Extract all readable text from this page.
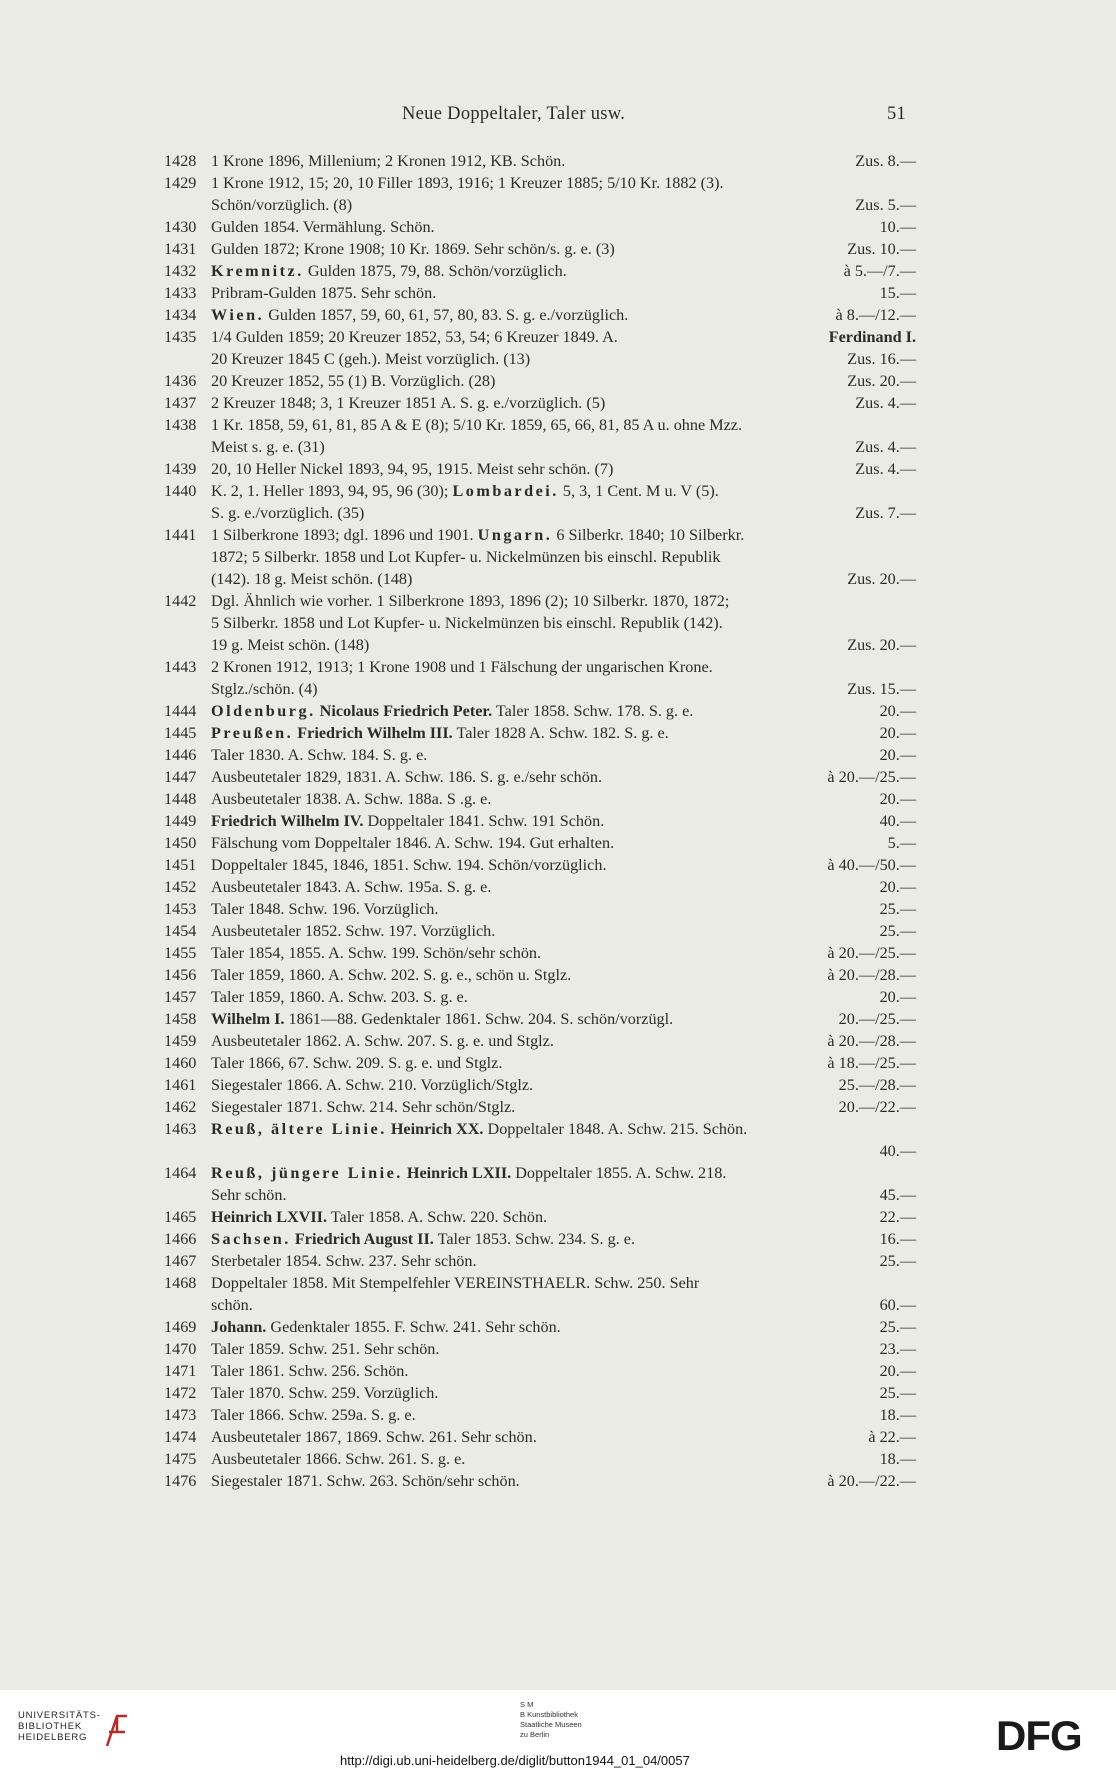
Neue Doppeltaler, Taler usw.	51
1428 1 Krone 1896, Millenium; 2 Kronen 1912, KB. Schön.	Zus. 8.—
1429 1 Krone 1912, 15; 20, 10 Filler 1893, 1916; 1 Kreuzer 1885; 5/10 Kr. 1882 (3).
Schön/vorzüglich. (8)	Zus. 5.—
1430 Gulden 1854. Vermählung. Schön.	10.—
1431 Gulden 1872; Krone 1908; 10 Kr. 1869. Sehr schön/s. g. e. (3)	Zus. 10.—
1432 Kremnitz. Gulden 1875, 79, 88. Schön/vorzüglich.	à 5.—/7.—
1433 Pribram-Gulden 1875. Sehr schön.	15.—
1434 Wien. Gulden 1857, 59, 60, 61, 57, 80, 83. S. g. e./vorzüglich.	à 8.—/12.—
1435 1/4 Gulden 1859; 20 Kreuzer 1852, 53, 54; 6 Kreuzer 1849. A.	Ferdinand I.
20 Kreuzer 1845 C (geh.). Meist vorzüglich. (13)	Zus. 16.—
1436 20 Kreuzer 1852, 55 (1) B. Vorzüglich. (28)	Zus. 20.—
1437 2 Kreuzer 1848; 3, 1 Kreuzer 1851 A. S. g. e./vorzüglich. (5)	Zus. 4.—
1438 1 Kr. 1858, 59, 61, 81, 85 A & E (8); 5/10 Kr. 1859, 65, 66, 81, 85 A u. ohne Mzz.
Meist s. g. e. (31)	Zus. 4.—
1439 20, 10 Heller Nickel 1893, 94, 95, 1915. Meist sehr schön. (7)	Zus. 4.—
1440 K. 2, 1. Heller 1893, 94, 95, 96 (30); Lombardei. 5, 3, 1 Cent. M u. V (5).
S. g. e./vorzüglich. (35)	Zus. 7.—
1441 1 Silberkrone 1893; dgl. 1896 und 1901. Ungarn. 6 Silberkr. 1840; 10 Silberkr.
1872; 5 Silberkr. 1858 und Lot Kupfer- u. Nickelmünzen bis einschl. Republik
(142). 18 g. Meist schön. (148)	Zus. 20.—
1442 Dgl. Ähnlich wie vorher. 1 Silberkrone 1893, 1896 (2); 10 Silberkr. 1870, 1872;
5 Silberkr. 1858 und Lot Kupfer- u. Nickelmünzen bis einschl. Republik (142).
19 g. Meist schön. (148)	Zus. 20.—
1443 2 Kronen 1912, 1913; 1 Krone 1908 und 1 Fälschung der ungarischen Krone.
Stglz./schön. (4)	Zus. 15.—
1444 Oldenburg. Nicolaus Friedrich Peter. Taler 1858. Schw. 178. S. g. e.	20.—
1445 Preußen. Friedrich Wilhelm III. Taler 1828 A. Schw. 182. S. g. e.	20.—
1446 Taler 1830. A. Schw. 184. S. g. e.	20.—
1447 Ausbeutetaler 1829, 1831. A. Schw. 186. S. g. e./sehr schön.	à 20.—/25.—
1448 Ausbeutetaler 1838. A. Schw. 188a. S .g. e.	20.—
1449 Friedrich Wilhelm IV. Doppeltaler 1841. Schw. 191 Schön.	40.—
1450 Fälschung vom Doppeltaler 1846. A. Schw. 194. Gut erhalten.	5.—
1451 Doppeltaler 1845, 1846, 1851. Schw. 194. Schön/vorzüglich.	à 40.—/50.—
1452 Ausbeutetaler 1843. A. Schw. 195a. S. g. e.	20.—
1453 Taler 1848. Schw. 196. Vorzüglich.	25.—
1454 Ausbeutetaler 1852. Schw. 197. Vorzüglich.	25.—
1455 Taler 1854, 1855. A. Schw. 199. Schön/sehr schön.	à 20.—/25.—
1456 Taler 1859, 1860. A. Schw. 202. S. g. e., schön u. Stglz.	à 20.—/28.—
1457 Taler 1859, 1860. A. Schw. 203. S. g. e.	20.—
1458 Wilhelm I. 1861—88. Gedenktaler 1861. Schw. 204. S. schön/vorzügl.	20.—/25.—
1459 Ausbeutetaler 1862. A. Schw. 207. S. g. e. und Stglz.	à 20.—/28.—
1460 Taler 1866, 67. Schw. 209. S. g. e. und Stglz.	à 18.—/25.—
1461 Siegestaler 1866. A. Schw. 210. Vorzüglich/Stglz.	25.—/28.—
1462 Siegestaler 1871. Schw. 214. Sehr schön/Stglz.	20.—/22.—
1463 Reuß, ältere Linie. Heinrich XX. Doppeltaler 1848. A. Schw. 215. Schön.
40.—
1464 Reuß, jüngere Linie. Heinrich LXII. Doppeltaler 1855. A. Schw. 218.
Sehr schön.	45.—
1465 Heinrich LXVII. Taler 1858. A. Schw. 220. Schön.	22.—
1466 Sachsen. Friedrich August II. Taler 1853. Schw. 234. S. g. e.	16.—
1467 Sterbetaler 1854. Schw. 237. Sehr schön.	25.—
1468 Doppeltaler 1858. Mit Stempelfehler VEREINSTHAELR. Schw. 250. Sehr
schön.	60.—
1469 Johann. Gedenktaler 1855. F. Schw. 241. Sehr schön.	25.—
1470 Taler 1859. Schw. 251. Sehr schön.	23.—
1471 Taler 1861. Schw. 256. Schön.	20.—
1472 Taler 1870. Schw. 259. Vorzüglich.	25.—
1473 Taler 1866. Schw. 259a. S. g. e.	18.—
1474 Ausbeutetaler 1867, 1869. Schw. 261. Sehr schön.	à 22.—
1475 Ausbeutetaler 1866. Schw. 261. S. g. e.	18.—
1476 Siegestaler 1871. Schw. 263. Schön/sehr schön.	à 20.—/22.—
UNIVERSITÄTS-
BIBLIOTHEK
HEIDELBERG
S M
B Kunstbibliothek
Staatliche Museen
zu Berlin	DFG
http://digi.ub.uni-heidelberg.de/diglit/button1944_01_04/0057
